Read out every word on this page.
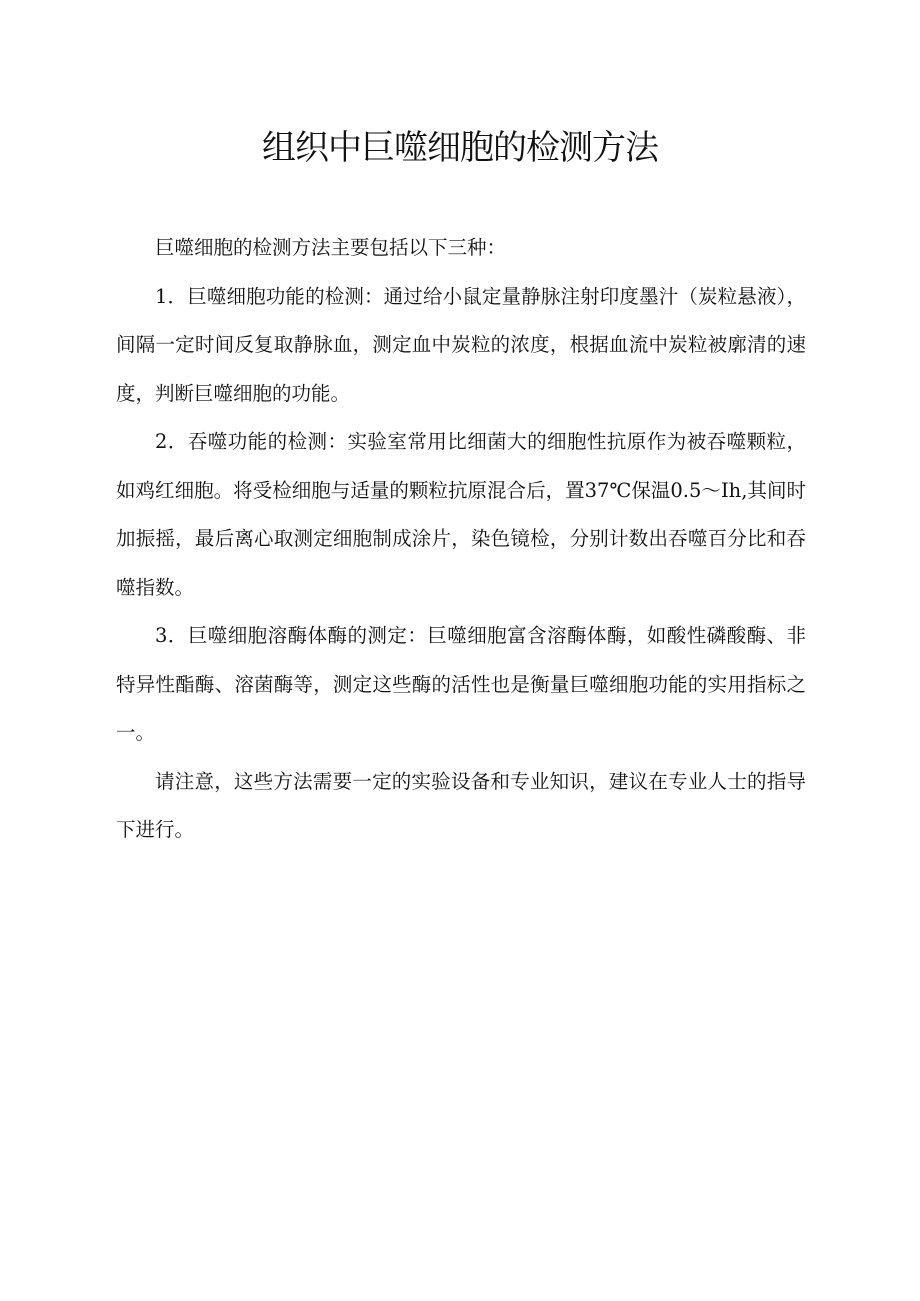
组织中巨噬细胞的检测方法

巨噬细胞的检测方法主要包括以下三种：

1．巨噬细胞功能的检测：通过给小鼠定量静脉注射印度墨汁（炭粒悬液），间隔一定时间反复取静脉血，测定血中炭粒的浓度，根据血流中炭粒被廓清的速度，判断巨噬细胞的功能。

2．吞噬功能的检测：实验室常用比细菌大的细胞性抗原作为被吞噬颗粒，如鸡红细胞。将受检细胞与适量的颗粒抗原混合后，置37℃保温0.5～Ih,其间时加振摇，最后离心取测定细胞制成涂片，染色镜检，分别计数出吞噬百分比和吞噬指数。

3．巨噬细胞溶酶体酶的测定：巨噬细胞富含溶酶体酶，如酸性磷酸酶、非特异性酯酶、溶菌酶等，测定这些酶的活性也是衡量巨噬细胞功能的实用指标之一。

请注意，这些方法需要一定的实验设备和专业知识，建议在专业人士的指导下进行。
